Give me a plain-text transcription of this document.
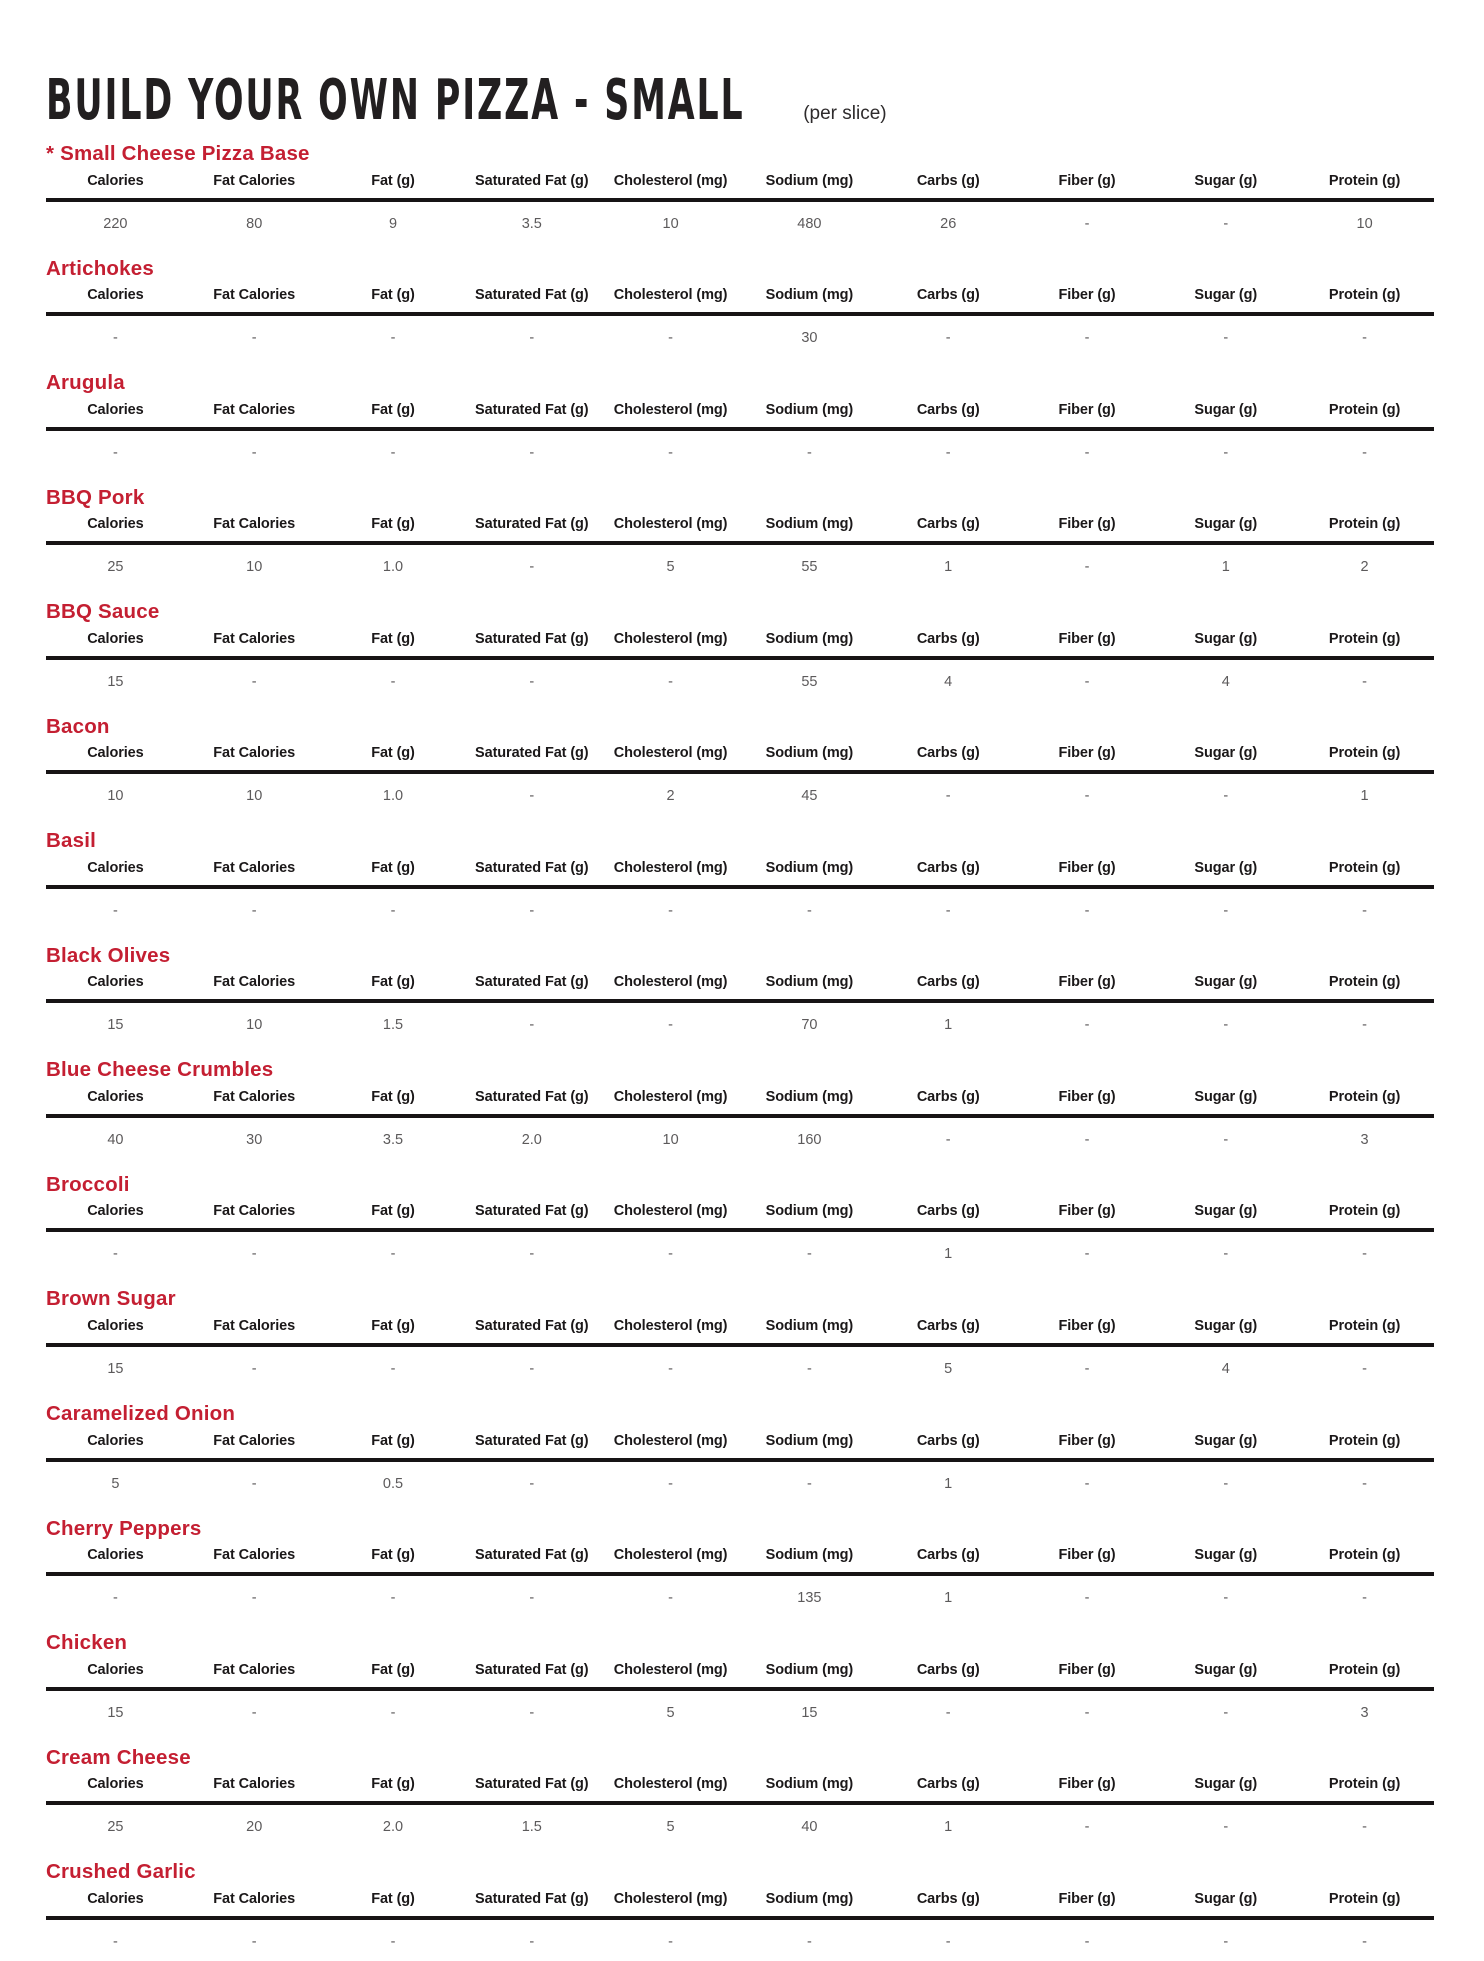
BUILD YOUR OWN PIZZA - SMALL	(per slice)
* Small Cheese Pizza Base
Calories	Fat Calories	Fat (g)	Saturated Fat (g)	Cholesterol (mg)	Sodium (mg)	Carbs (g)	Fiber (g)	Sugar (g)	Protein (g)
220	80	9	3.5	10	480	26	-	-	10
Artichokes
Calories	Fat Calories	Fat (g)	Saturated Fat (g)	Cholesterol (mg)	Sodium (mg)	Carbs (g)	Fiber (g)	Sugar (g)	Protein (g)
-	-	-	-	-	30	-	-	-	-
Arugula
Calories	Fat Calories	Fat (g)	Saturated Fat (g)	Cholesterol (mg)	Sodium (mg)	Carbs (g)	Fiber (g)	Sugar (g)	Protein (g)
-	-	-	-	-	-	-	-	-	-
BBQ Pork
Calories	Fat Calories	Fat (g)	Saturated Fat (g)	Cholesterol (mg)	Sodium (mg)	Carbs (g)	Fiber (g)	Sugar (g)	Protein (g)
25	10	1.0	-	5	55	1	-	1	2
BBQ Sauce
Calories	Fat Calories	Fat (g)	Saturated Fat (g)	Cholesterol (mg)	Sodium (mg)	Carbs (g)	Fiber (g)	Sugar (g)	Protein (g)
15	-	-	-	-	55	4	-	4	-
Bacon
Calories	Fat Calories	Fat (g)	Saturated Fat (g)	Cholesterol (mg)	Sodium (mg)	Carbs (g)	Fiber (g)	Sugar (g)	Protein (g)
10	10	1.0	-	2	45	-	-	-	1
Basil
Calories	Fat Calories	Fat (g)	Saturated Fat (g)	Cholesterol (mg)	Sodium (mg)	Carbs (g)	Fiber (g)	Sugar (g)	Protein (g)
-	-	-	-	-	-	-	-	-	-
Black Olives
Calories	Fat Calories	Fat (g)	Saturated Fat (g)	Cholesterol (mg)	Sodium (mg)	Carbs (g)	Fiber (g)	Sugar (g)	Protein (g)
15	10	1.5	-	-	70	1	-	-	-
Blue Cheese Crumbles
Calories	Fat Calories	Fat (g)	Saturated Fat (g)	Cholesterol (mg)	Sodium (mg)	Carbs (g)	Fiber (g)	Sugar (g)	Protein (g)
40	30	3.5	2.0	10	160	-	-	-	3
Broccoli
Calories	Fat Calories	Fat (g)	Saturated Fat (g)	Cholesterol (mg)	Sodium (mg)	Carbs (g)	Fiber (g)	Sugar (g)	Protein (g)
-	-	-	-	-	-	1	-	-	-
Brown Sugar
Calories	Fat Calories	Fat (g)	Saturated Fat (g)	Cholesterol (mg)	Sodium (mg)	Carbs (g)	Fiber (g)	Sugar (g)	Protein (g)
15	-	-	-	-	-	5	-	4	-
Caramelized Onion
Calories	Fat Calories	Fat (g)	Saturated Fat (g)	Cholesterol (mg)	Sodium (mg)	Carbs (g)	Fiber (g)	Sugar (g)	Protein (g)
5	-	0.5	-	-	-	1	-	-	-
Cherry Peppers
Calories	Fat Calories	Fat (g)	Saturated Fat (g)	Cholesterol (mg)	Sodium (mg)	Carbs (g)	Fiber (g)	Sugar (g)	Protein (g)
-	-	-	-	-	135	1	-	-	-
Chicken
Calories	Fat Calories	Fat (g)	Saturated Fat (g)	Cholesterol (mg)	Sodium (mg)	Carbs (g)	Fiber (g)	Sugar (g)	Protein (g)
15	-	-	-	5	15	-	-	-	3
Cream Cheese
Calories	Fat Calories	Fat (g)	Saturated Fat (g)	Cholesterol (mg)	Sodium (mg)	Carbs (g)	Fiber (g)	Sugar (g)	Protein (g)
25	20	2.0	1.5	5	40	1	-	-	-
Crushed Garlic
Calories	Fat Calories	Fat (g)	Saturated Fat (g)	Cholesterol (mg)	Sodium (mg)	Carbs (g)	Fiber (g)	Sugar (g)	Protein (g)
-	-	-	-	-	-	-	-	-	-
